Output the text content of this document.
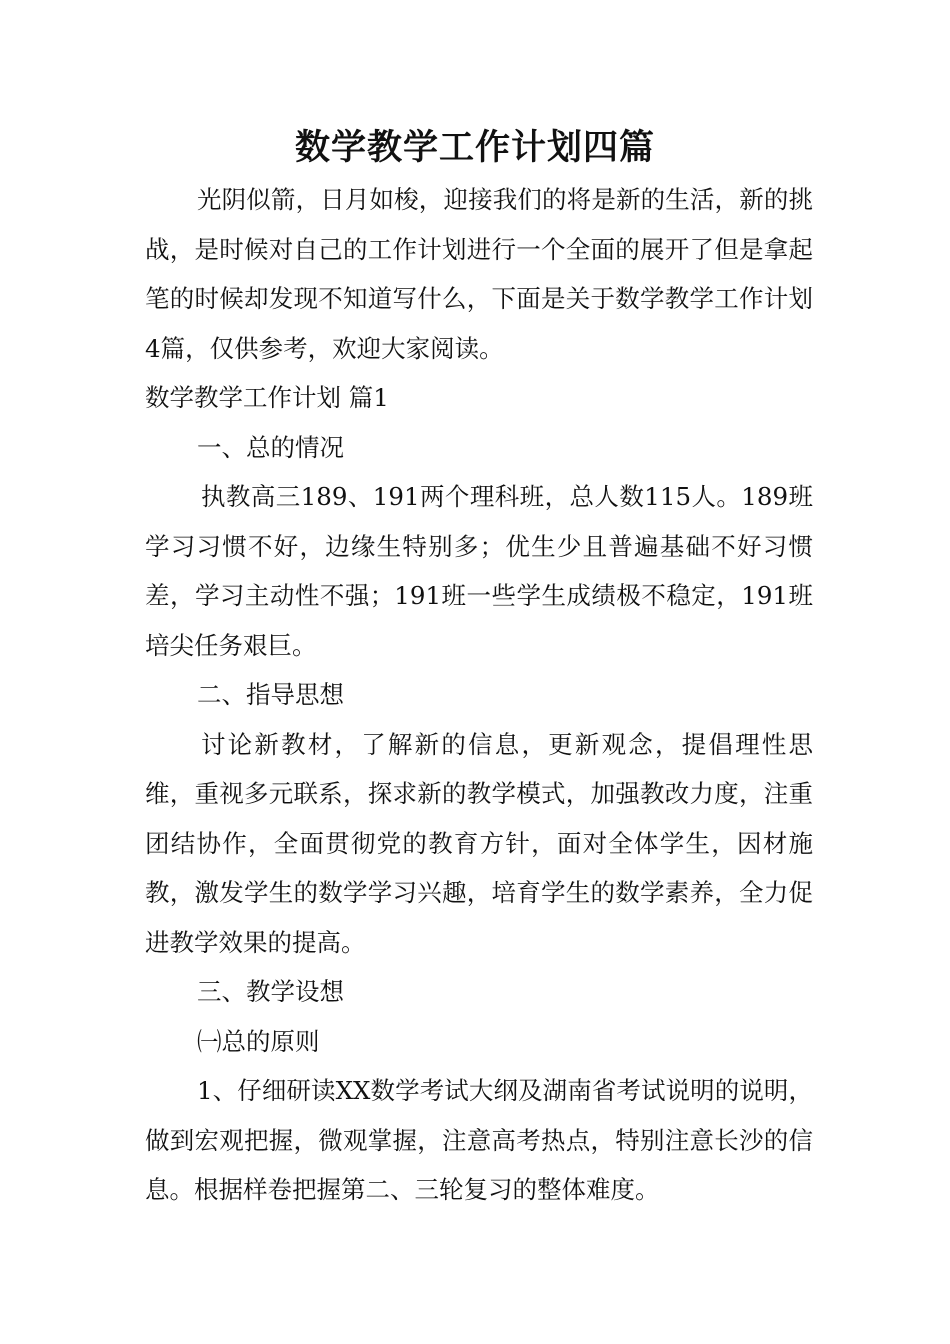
数学教学工作计划四篇

光阴似箭，日月如梭，迎接我们的将是新的生活，新的挑战，是时候对自己的工作计划进行一个全面的展开了但是拿起笔的时候却发现不知道写什么，下面是关于数学教学工作计划4篇，仅供参考，欢迎大家阅读。

数学教学工作计划 篇1

一、总的情况

执教高三189、191两个理科班，总人数115人。189班学习习惯不好，边缘生特别多；优生少且普遍基础不好习惯差，学习主动性不强；191班一些学生成绩极不稳定，191班培尖任务艰巨。

二、指导思想

讨论新教材，了解新的信息，更新观念，提倡理性思维，重视多元联系，探求新的教学模式，加强教改力度，注重团结协作，全面贯彻党的教育方针，面对全体学生，因材施教，激发学生的数学学习兴趣，培育学生的数学素养，全力促进教学效果的提高。

三、教学设想

㈠总的原则

1、仔细研读XX数学考试大纲及湖南省考试说明的说明，做到宏观把握，微观掌握，注意高考热点，特别注意长沙的信息。根据样卷把握第二、三轮复习的整体难度。
